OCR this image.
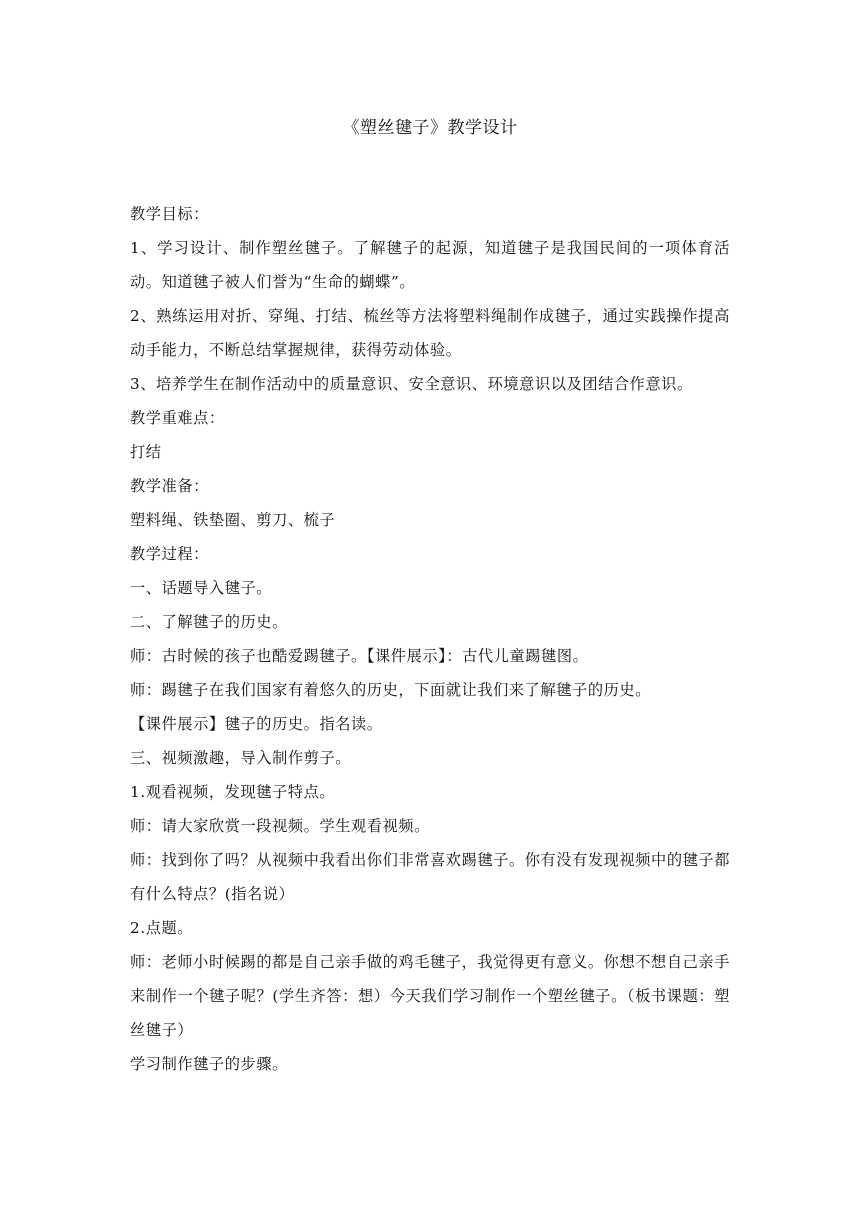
《塑丝毽子》教学设计

教学目标：

1、学习设计、制作塑丝毽子。了解毽子的起源，知道毽子是我国民间的一项体育活动。知道毽子被人们誉为“生命的蝴蝶”。

2、熟练运用对折、穿绳、打结、梳丝等方法将塑料绳制作成毽子，通过实践操作提高动手能力，不断总结掌握规律，获得劳动体验。

3、培养学生在制作活动中的质量意识、安全意识、环境意识以及团结合作意识。

教学重难点：

打结

教学准备：

塑料绳、铁垫圈、剪刀、梳子

教学过程：

一、话题导入毽子。

二、了解毽子的历史。

师：古时候的孩子也酷爱踢毽子。【课件展示】：古代儿童踢毽图。

师：踢毽子在我们国家有着悠久的历史，下面就让我们来了解毽子的历史。

【课件展示】毽子的历史。指名读。

三、视频激趣，导入制作剪子。

1.观看视频，发现毽子特点。

师：请大家欣赏一段视频。学生观看视频。

师：找到你了吗？从视频中我看出你们非常喜欢踢毽子。你有没有发现视频中的毽子都有什么特点？(指名说）

2.点题。

师：老师小时候踢的都是自己亲手做的鸡毛毽子，我觉得更有意义。你想不想自己亲手来制作一个毽子呢？(学生齐答：想）今天我们学习制作一个塑丝毽子。（板书课题：塑丝毽子）

学习制作毽子的步骤。
